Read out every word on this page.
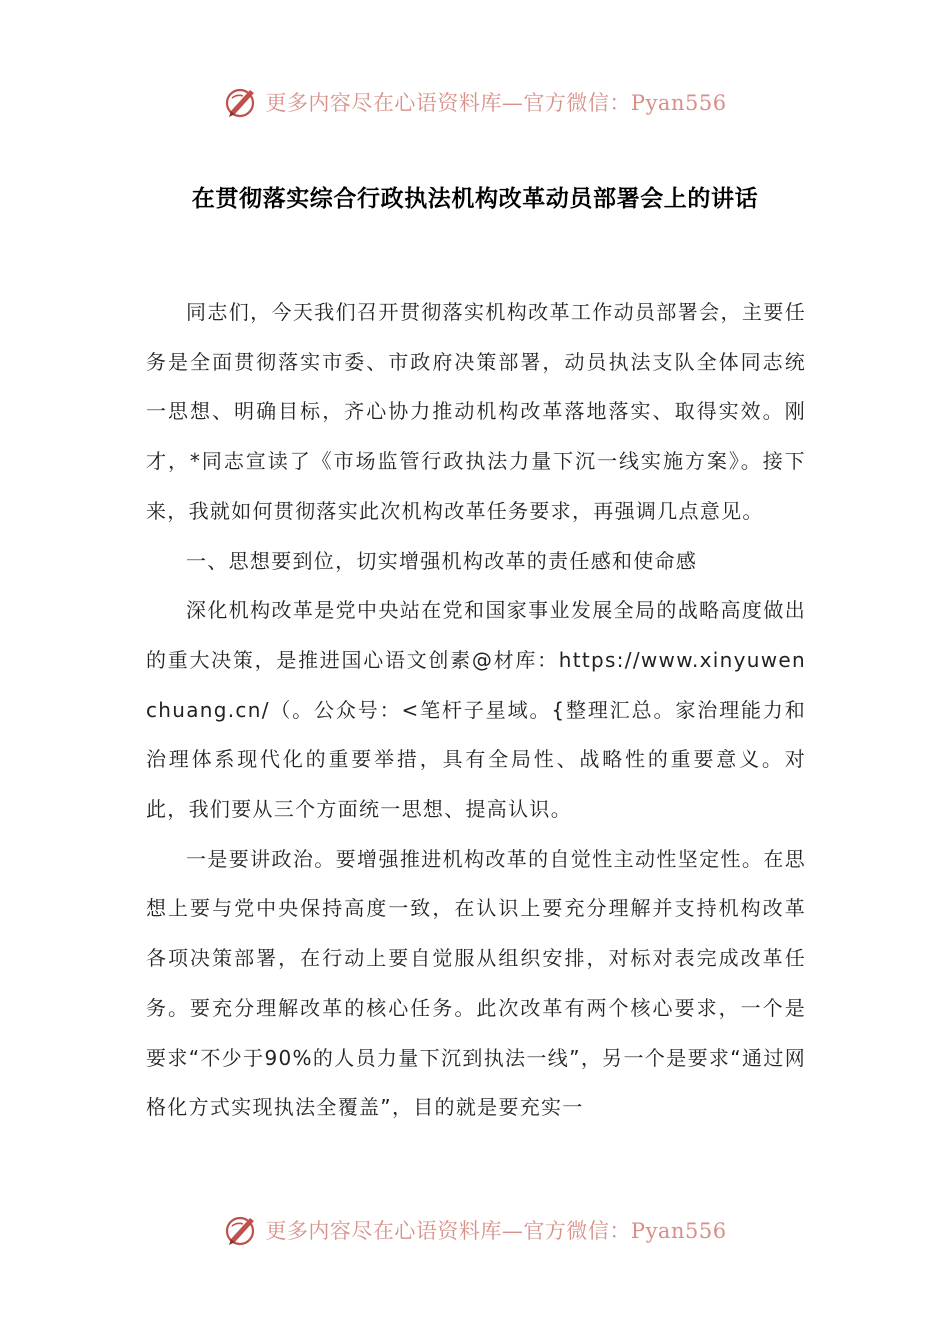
更多内容尽在心语资料库—官方微信：Pyan556
在贯彻落实综合行政执法机构改革动员部署会上的讲话

同志们，今天我们召开贯彻落实机构改革工作动员部署会，主要任务是全面贯彻落实市委、市政府决策部署，动员执法支队全体同志统一思想、明确目标，齐心协力推动机构改革落地落实、取得实效。刚才，*同志宣读了《市场监管行政执法力量下沉一线实施方案》。接下来，我就如何贯彻落实此次机构改革任务要求，再强调几点意见。

一、思想要到位，切实增强机构改革的责任感和使命感

深化机构改革是党中央站在党和国家事业发展全局的战略高度做出的重大决策，是推进国心语文创素@材库：https://www.xinyuwenchuang.cn/（。公众号：<笔杆子星域。{整理汇总。家治理能力和治理体系现代化的重要举措，具有全局性、战略性的重要意义。对此，我们要从三个方面统一思想、提高认识。

一是要讲政治。要增强推进机构改革的自觉性主动性坚定性。在思想上要与党中央保持高度一致，在认识上要充分理解并支持机构改革各项决策部署，在行动上要自觉服从组织安排，对标对表完成改革任务。要充分理解改革的核心任务。此次改革有两个核心要求，一个是要求“不少于90%的人员力量下沉到执法一线”，另一个是要求“通过网格化方式实现执法全覆盖”，目的就是要充实一

更多内容尽在心语资料库—官方微信：Pyan556
